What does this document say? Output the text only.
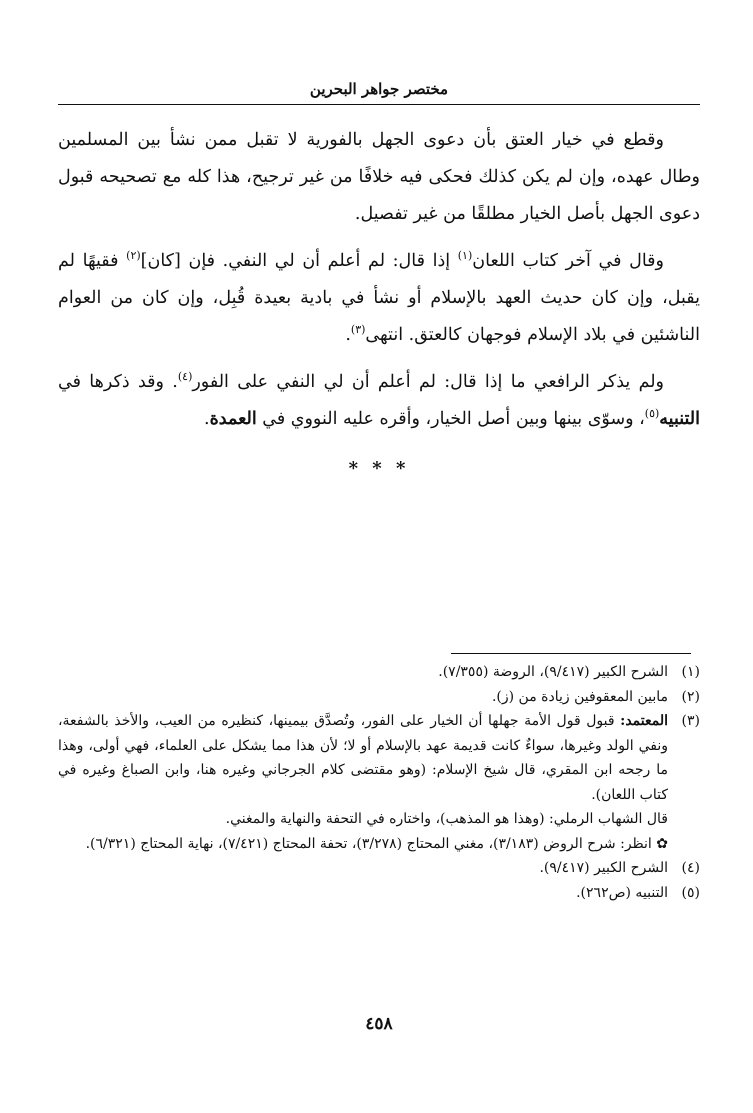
مختصر جواهر البحرين

وقطع في خيار العتق بأن دعوى الجهل بالفورية لا تقبل ممن نشأ بين المسلمين وطال عهده، وإن لم يكن كذلك فحكى فيه خلافًا من غير ترجيح، هذا كله مع تصحيحه قبول دعوى الجهل بأصل الخيار مطلقًا من غير تفصيل.

وقال في آخر كتاب اللعان$^{(١)}$ إذا قال: لم أعلم أن لي النفي. فإن [كان]$^{(٢)}$ فقيهًا لم يقبل، وإن كان حديث العهد بالإسلام أو نشأ في بادية بعيدة قُبِل، وإن كان من العوام الناشئين في بلاد الإسلام فوجهان كالعتق. انتهى$^{(٣)}$.

ولم يذكر الرافعي ما إذا قال: لم أعلم أن لي النفي على الفور$^{(٤)}$. وقد ذكرها في التنبيه$^{(٥)}$، وسوّى بينها وبين أصل الخيار، وأقره عليه النووي في العمدة.

* * *
(١)
الشرح الكبير (٩/٤١٧)، الروضة (٧/٣٥٥).
(٢)
مابين المعقوفين زيادة من (ز).
(٣)
المعتمد: قبول قول الأمة جهلها أن الخيار على الفور، وتُصدَّق بيمينها، كنظيره من العيب، والأخذ بالشفعة، ونفي الولد وغيرها، سواءٌ كانت قديمة عهد بالإسلام أو لا؛ لأن هذا مما يشكل على العلماء، فهي أولى، وهذا ما رجحه ابن المقري، قال شيخ الإسلام: (وهو مقتضى كلام الجرجاني وغيره هنا، وابن الصباغ وغيره في كتاب اللعان).
قال الشهاب الرملي: (وهذا هو المذهب)، واختاره في التحفة والنهاية والمغني.
✿ انظر: شرح الروض (٣/١٨٣)، مغني المحتاج (٣/٢٧٨)، تحفة المحتاج (٧/٤٢١)، نهاية المحتاج (٦/٣٢١).
(٤)
الشرح الكبير (٩/٤١٧).
(٥)
التنبيه (ص٢٦٢).
٤٥٨
